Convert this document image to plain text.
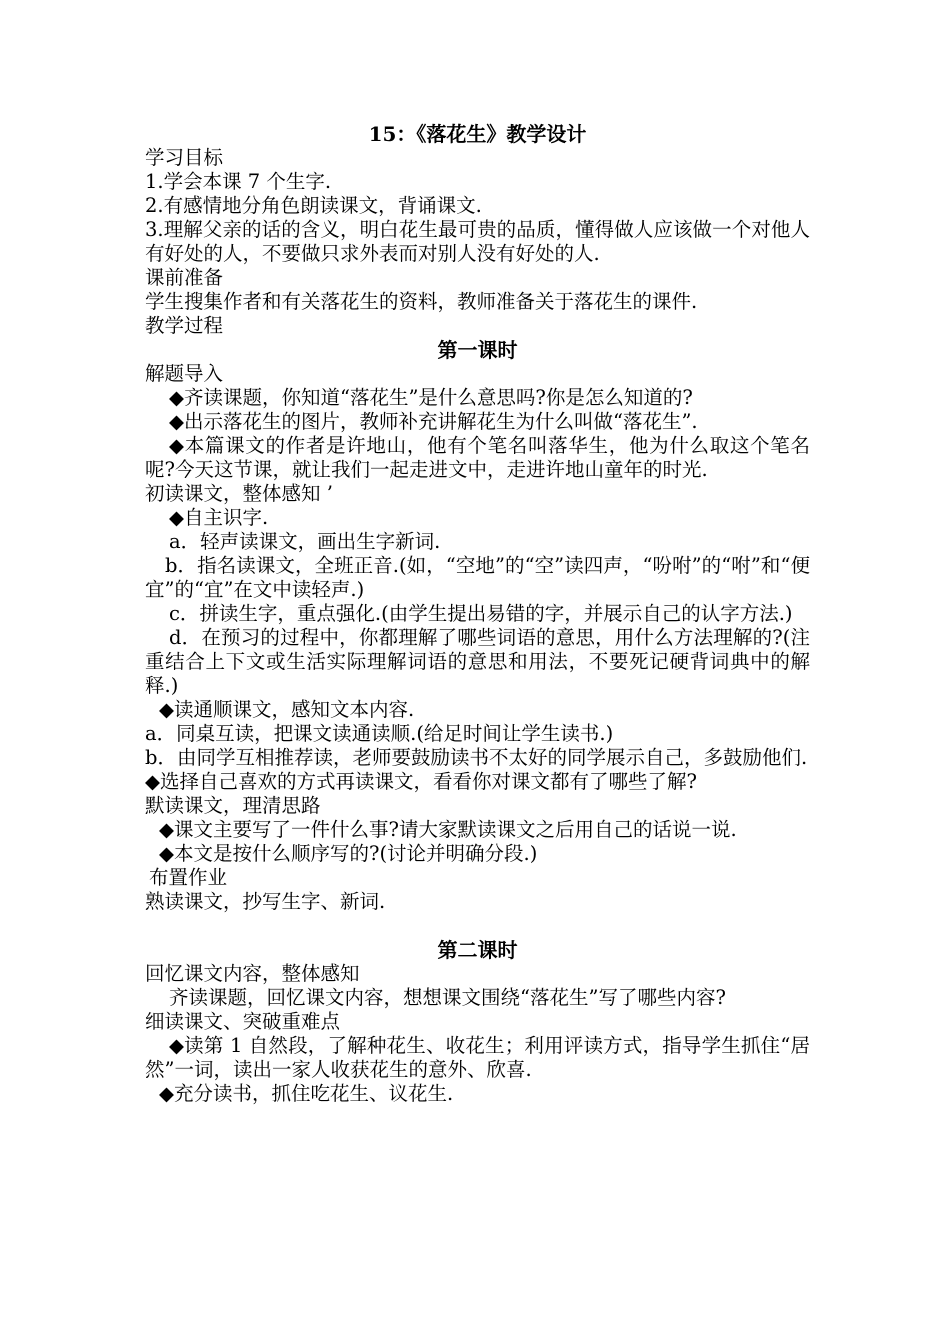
15：《落花生》教学设计

学习目标

1.学会本课 7 个生字.

2.有感情地分角色朗读课文，背诵课文.

3.理解父亲的话的含义，明白花生最可贵的品质，懂得做人应该做一个对他人有好处的人，不要做只求外表而对别人没有好处的人.

课前准备

学生搜集作者和有关落花生的资料，教师准备关于落花生的课件.

教学过程

第一课时

解题导入

◆齐读课题，你知道“落花生”是什么意思吗?你是怎么知道的?

◆出示落花生的图片，教师补充讲解花生为什么叫做“落花生”.

◆本篇课文的作者是许地山，他有个笔名叫落华生，他为什么取这个笔名呢?今天这节课，就让我们一起走进文中，走进许地山童年的时光.

初读课文，整体感知 ’

◆自主识字.

a．轻声读课文，画出生字新词.

b．指名读课文，全班正音.(如，“空地”的“空”读四声，“吩咐”的“咐”和“便宜”的“宜”在文中读轻声.)

c．拼读生字，重点强化.(由学生提出易错的字，并展示自己的认字方法.)

d．在预习的过程中，你都理解了哪些词语的意思，用什么方法理解的?(注重结合上下文或生活实际理解词语的意思和用法，不要死记硬背词典中的解释.)

◆读通顺课文，感知文本内容.

a．同桌互读，把课文读通读顺.(给足时间让学生读书.)

b．由同学互相推荐读，老师要鼓励读书不太好的同学展示自己，多鼓励他们.

◆选择自己喜欢的方式再读课文，看看你对课文都有了哪些了解?

默读课文，理清思路

◆课文主要写了一件什么事?请大家默读课文之后用自己的话说一说.

◆本文是按什么顺序写的?(讨论并明确分段.)

布置作业

熟读课文，抄写生字、新词.

第二课时

回忆课文内容，整体感知

齐读课题，回忆课文内容，想想课文围绕“落花生”写了哪些内容?

细读课文、突破重难点

◆读第 1 自然段，了解种花生、收花生；利用评读方式，指导学生抓住“居然”一词，读出一家人收获花生的意外、欣喜.

◆充分读书，抓住吃花生、议花生.
